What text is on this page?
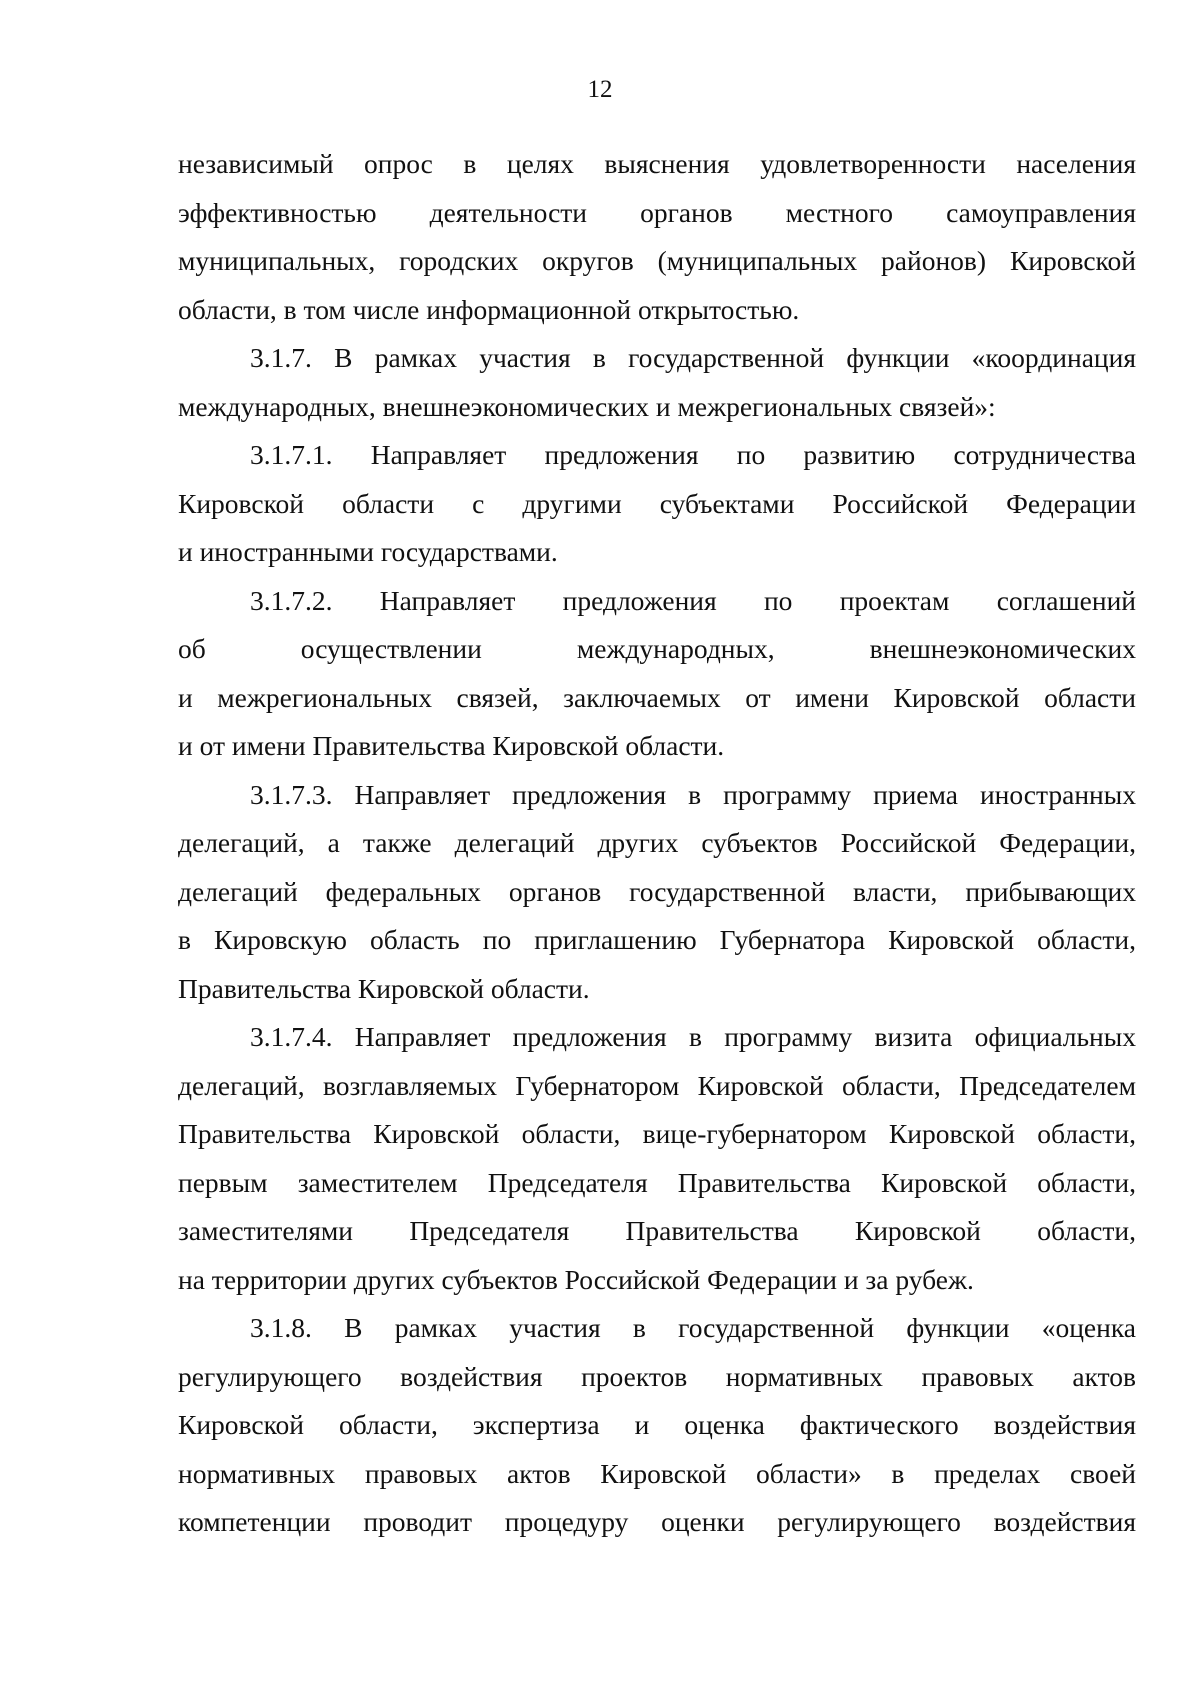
12
независимый опрос в целях выяснения удовлетворенности населения
эффективностью деятельности органов местного самоуправления
муниципальных, городских округов (муниципальных районов) Кировской
области, в том числе информационной открытостью.
3.1.7. В рамках участия в государственной функции «координация
международных, внешнеэкономических и межрегиональных связей»:
3.1.7.1. Направляет предложения по развитию сотрудничества
Кировской области с другими субъектами Российской Федерации
и иностранными государствами.
3.1.7.2. Направляет предложения по проектам соглашений
об осуществлении международных, внешнеэкономических
и межрегиональных связей, заключаемых от имени Кировской области
и от имени Правительства Кировской области.
3.1.7.3. Направляет предложения в программу приема иностранных
делегаций, а также делегаций других субъектов Российской Федерации,
делегаций федеральных органов государственной власти, прибывающих
в Кировскую область по приглашению Губернатора Кировской области,
Правительства Кировской области.
3.1.7.4. Направляет предложения в программу визита официальных
делегаций, возглавляемых Губернатором Кировской области, Председателем
Правительства Кировской области, вице-губернатором Кировской области,
первым заместителем Председателя Правительства Кировской области,
заместителями Председателя Правительства Кировской области,
на территории других субъектов Российской Федерации и за рубеж.
3.1.8. В рамках участия в государственной функции «оценка
регулирующего воздействия проектов нормативных правовых актов
Кировской области, экспертиза и оценка фактического воздействия
нормативных правовых актов Кировской области» в пределах своей
компетенции проводит процедуру оценки регулирующего воздействия
